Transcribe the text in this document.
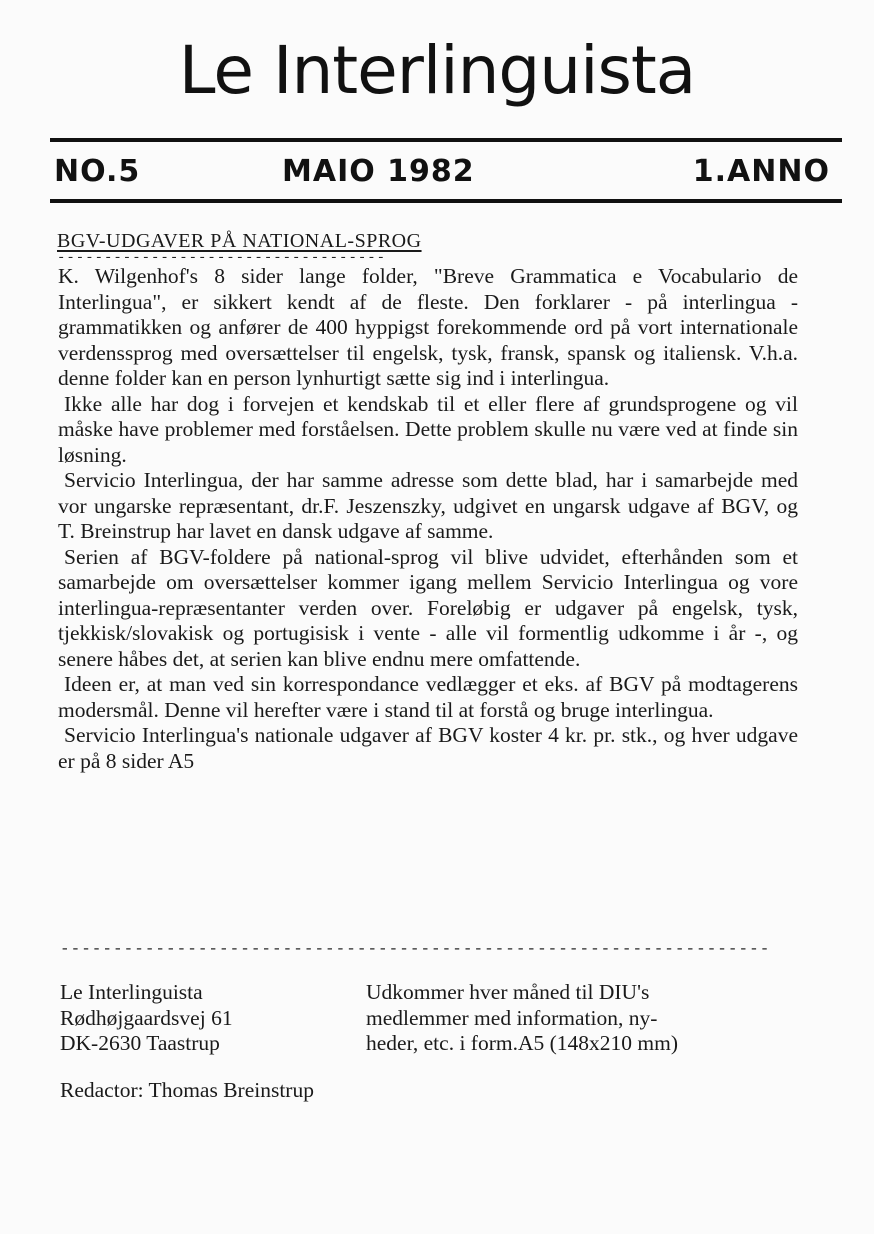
Le Interlinguista
NO.5	MAIO 1982	1.ANNO
BGV-UDGAVER PÅ NATIONAL-SPROG
-----------------------------------

K. Wilgenhof's 8 sider lange folder, "Breve Grammatica e Vocabulario de Interlingua", er sikkert kendt af de fleste. Den forklarer - på interlingua - grammatikken og anfører de 400 hyppigst forekommende ord på vort internationale verdenssprog med oversættelser til engelsk, tysk, fransk, spansk og italiensk. V.h.a. denne folder kan en person lynhurtigt sætte sig ind i interlingua.

Ikke alle har dog i forvejen et kendskab til et eller flere af grundsprogene og vil måske have problemer med forståelsen. Dette problem skulle nu være ved at finde sin løsning.

Servicio Interlingua, der har samme adresse som dette blad, har i samarbejde med vor ungarske repræsentant, dr.F. Jeszenszky, udgivet en ungarsk udgave af BGV, og T. Breinstrup har lavet en dansk udgave af samme.

Serien af BGV-foldere på national-sprog vil blive udvidet, efterhånden som et samarbejde om oversættelser kommer igang mellem Servicio Interlingua og vore interlingua-repræsentanter verden over. Foreløbig er udgaver på engelsk, tysk, tjekkisk/slovakisk og portugisisk i vente - alle vil formentlig udkomme i år -, og senere håbes det, at serien kan blive endnu mere omfattende.

Ideen er, at man ved sin korrespondance vedlægger et eks. af BGV på modtagerens modersmål. Denne vil herefter være i stand til at forstå og bruge interlingua.

Servicio Interlingua's nationale udgaver af BGV koster 4 kr. pr. stk., og hver udgave er på 8 sider A5

-------------------------------------------------------------------
Le Interlinguista
Rødhøjgaardsvej 61
DK-2630 Taastrup
Udkommer hver måned til DIU's
medlemmer med information, ny-
heder, etc. i form.A5 (148x210 mm)
Redactor: Thomas Breinstrup
